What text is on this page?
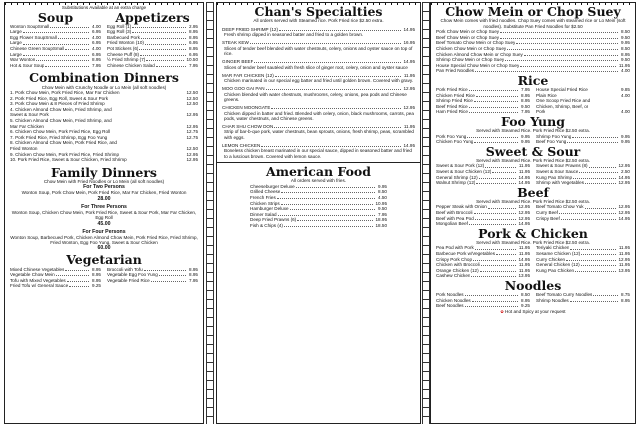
Substitutions Available at an extra charge
Soup
Wonton Soup Small	4.00
Large	6.95
Egg Flower Soup Small	4.00
Large	6.95
Chinese Green Soup Small	4.00
Large	6.95
War Wonton	8.95
Hot & Sour Soup	7.95
Appetizers
Egg Roll (1)	2.95
Egg Roll (3)	8.95
Barbecued Pork	8.95
Fried Wonton (10)	6.95
Pot Stickers (6)	8.95
Cheese Puff (8)	6.95
½ Fried Shrimp (7)	10.50
Chinese Chicken Salad	7.95
Combination Dinners
Chow Mein with Crunchy Noodle or Lo Mein (all soft noodles)
1. Pork Chow Mein, Pork Fried Rice, Mar Far Chicken	12.50
2. Pork Fried Rice, Egg Roll, Sweet & Sour Pork	12.50
3. Pork Chow Mein & 8 Pieces of Fried Shrimp	12.50
4. Chicken Almond Chow Mein, Fried Shrimp, and
Sweet & Sour Pork	12.95
5. Chicken Almond Chow Mein, Fried Shrimp, and
Mar Far Chicken	12.95
6. Chicken Chow Mein, Pork Fried Rice, Egg Roll	12.75
7. Pork Fried Rice, Fried Shrimp, Egg Foo Yung	12.75
8. Chicken Almond Chow Mein, Pork Fried Rice, and
Fried Wonton	12.50
9. Chicken Chow Mein, Pork Fried Rice, Fried Shrimp	12.95
10. Pork Fried Rice, Sweet & Sour Chicken, Fried Shrimp	12.95
Family Dinners
Chow Mein with Fried Noodles or Lo Mein (all soft noodles)
For Two Persons
Wonton Soup, Pork Chow Mein, Pork Fried Rice, Mar Far Chicken, Fried Wonton
28.00
For Three Persons
Wonton Soup, Chicken Chow Mein, Pork Fried Rice, Sweet & Sour Pork, Mar Far Chicken, Egg Roll
45.00
For Four Persons
Wonton Soup, Barbecued Pork, Chicken Almond Chow Mein, Pork Fried Rice, Fried Shrimp, Fried Wonton, Egg Foo Yung, Sweet & Sour Chicken
60.00
Vegetarian
Mixed Chinese Vegetables	8.95
Vegetable Chow Mein	8.95
Tofu with Mixed Vegetables	8.95
Fried Tofu w/ General Sauce	9.25
Broccoli with Tofu	8.95
Vegetable Egg Foo Yung	8.95
Vegetable Fried Rice	7.95
Chan's Specialties
All orders served with Steamed rice. Pork Fried rice $2.50 extra.
DEEP FRIED SHRIMP (12)	14.95
Fresh shrimp dipped in seasoned batter and fried to a golden brown.
STEAK KEW	16.95
Slices of tender beef blended with water chestnuts, celery, onions and oyster sauce on top of rice.
GINGER BEEF	14.95
Slices of tender beef sautéed with fresh slice of ginger root, celery, onion and oyster sauce
MAR FAR CHICKEN (12)	11.95
Chicken marinated in our special egg batter and fried until golden brown. Covered with gravy.
MOO GOO GAI PAN	12.95
Chicken blended with water chestnuts, mushrooms, celery, onions, pea pods and Chinese greens.
CHICKEN MOONGATE	12.95
Chicken dipped in batter and fried. Blended with celery, onion, black mushrooms, carrots, pea pods, water chestnuts, and Chinese greens.
CHAR SHU CHOW DON	11.95
Strip of bar-b-que pork, water chestnuts, bean sprouts, onions, fresh shrimp, peas, scrambled with eggs.
LEMON CHICKEN	14.95
Boneless chicken breast marinated in our special sauce, dipped in seasoned batter and fried to a luscious brown. Covered with lemon sauce.
American Food
All orders served with fries.
Cheeseburger Deluxe	9.95
Grilled Cheese	8.50
French Fries	4.50
Chicken Strips	10.95
Hamburger Deluxe	9.50
Dinner Salad	7.95
Deep Fried Prawns (6)	18.95
Fish & Chips (4)	18.50
Chow Mein or Chop Suey
Chow Mein comes with fried noodles. Chop Suey comes with steamed rice or Lo Mein (soft noodles). Substitute Pan Fried Noodles for $2.50
Pork Chow Mein or Chop Suey	8.50
Beef Chow Mein or Chop Suey	9.50
Beef Tomato Chow Mein or Chop Suey	9.95
Chicken Chow Mein or Chop Suey	8.50
Chicken Almond Chow Mein or Chop Suey	8.95
Shrimp Chow Mein or Chop Suey	9.50
House Special Chow Mein or Chop Suey	11.95
Pan Fried Noodles	4.00
Rice
Pork Fried Rice	7.95
Chicken Fried Rice	8.95
Shrimp Fried Rice	8.95
Beef Fried Rice	9.50
Ham Fried Rice	7.95
House Special Fried Rice	9.85
Plain Rice	4.00
One Scoop Fried Rice and
Chicken, Shrimp, Beef, or
Pork	4.00
Foo Yung
Served with Steamed Rice. Pork Fried Rice $2.50 extra.
Pork Foo Yung	9.95
Chicken Foo Yung	9.95
Shrimp Foo Yung	9.95
Beef Foo Yung	9.95
Sweet & Sour
Served with Steamed Rice. Pork Fried Rice $2.50 extra.
Sweet & Sour Pork (12)	11.95
Sweet & Sour Chicken (12)	11.95
General Shrimp (12)	14.95
Walnut Shrimp (12)	14.95
Sweet & Sour Prawns (8)	12.95
Sweet & Sour Sauce	2.50
Kung Pao Shrimp	14.95
Shrimp with Vegetables	12.95
Beef
Served with Steamed Rice. Pork Fried Rice $2.50 extra.
Pepper Steak with Onion	12.95
Beef with Broccoli	12.95
Beef with Pea Pod	12.95
Mongolian Beef	14.95
Beef Tomato Chow Yuk	12.95
Curry Beef	12.95
Crispy Beef	14.95
Pork & Chicken
Served with Steamed Rice. Pork Fried Rice $2.50 extra.
Pea Pod with Pork	11.95
Barbecue Pork w/Vegetables	11.95
Crispy Pork Chop	14.95
Chicken with Broccoli	11.95
Orange Chicken (12)	11.95
Cashew Chicken	13.95
Teriyaki Chicken	11.95
Sesame Chicken (12)	11.95
Curry Chicken	12.95
General Chicken (12)	11.95
Kung Pao Chicken	13.95
Noodles
Pork Noodles	8.50
Chicken Noodles	8.95
Beef Noodles	9.25
Beef Tomato Curry Noodles	8.75
Shrimp Noodles	8.95
✿ Hot and Spicy at your request
